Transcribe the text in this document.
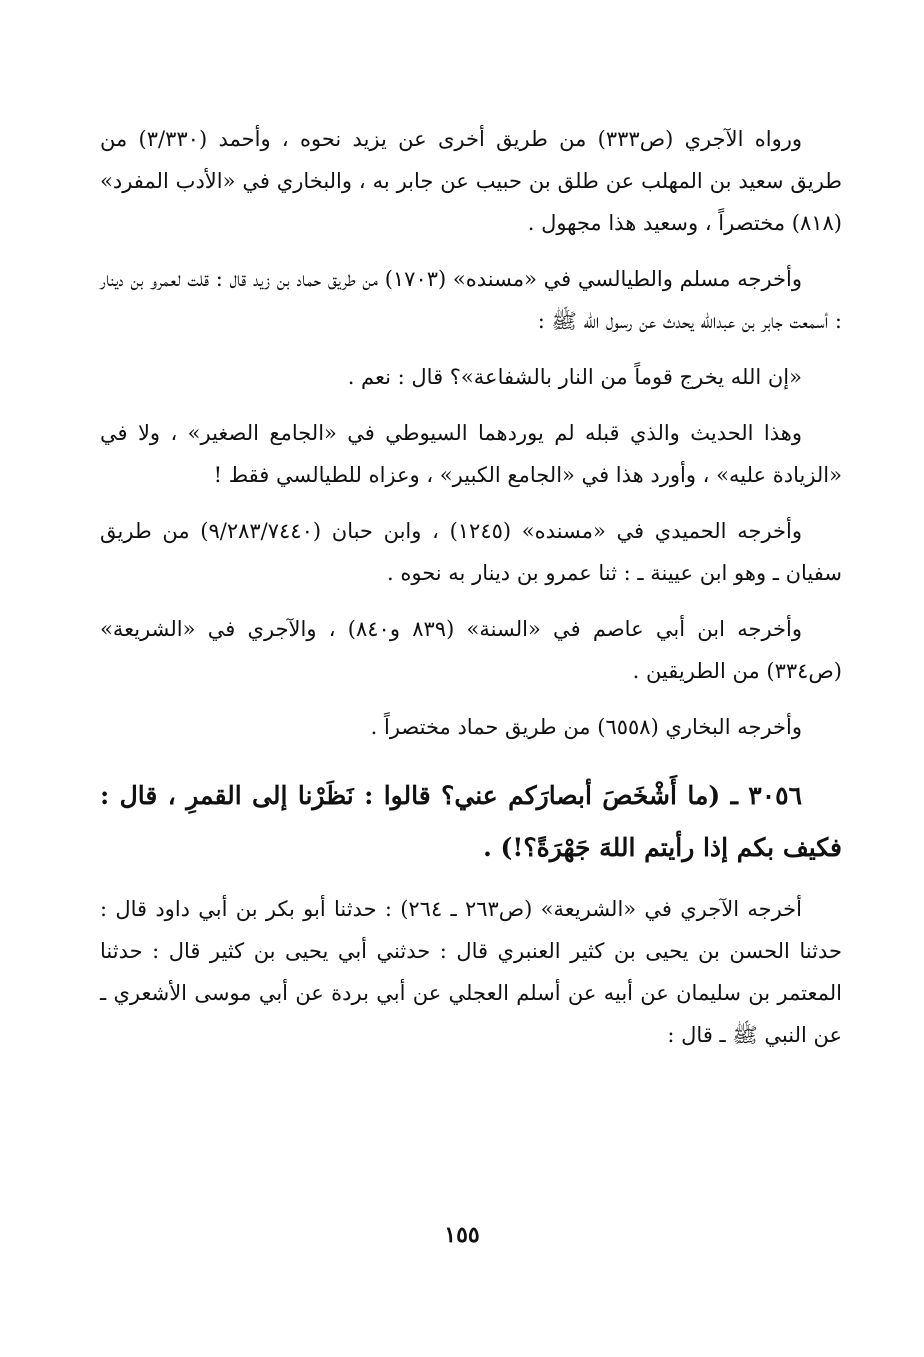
ورواه الآجري (ص٣٣٣) من طريق أخرى عن يزيد نحوه ، وأحمد (٣/٣٣٠) من طريق سعيد بن المهلب عن طلق بن حبيب عن جابر به ، والبخاري في «الأدب المفرد» (٨١٨) مختصراً ، وسعيد هذا مجهول .

وأخرجه مسلم والطيالسي في «مسنده» (١٧٠٣) من طريق حماد بن زيد قال : قلت لعمرو بن دينار : أسمعت جابر بن عبدالله يحدث عن رسول الله ﷺ :

«إن الله يخرج قوماً من النار بالشفاعة»؟ قال : نعم .

وهذا الحديث والذي قبله لم يوردهما السيوطي في «الجامع الصغير» ، ولا في «الزيادة عليه» ، وأورد هذا في «الجامع الكبير» ، وعزاه للطيالسي فقط !

وأخرجه الحميدي في «مسنده» (١٢٤٥) ، وابن حبان (٩/٢٨٣/٧٤٤٠) من طريق سفيان ـ وهو ابن عيينة ـ : ثنا عمرو بن دينار به نحوه .

وأخرجه ابن أبي عاصم في «السنة» (٨٣٩ و٨٤٠) ، والآجري في «الشريعة» (ص٣٣٤) من الطريقين .

وأخرجه البخاري (٦٥٥٨) من طريق حماد مختصراً .

٣٠٥٦ ـ (ما أَشْخَصَ أبصارَكم عني؟ قالوا : نَظَرْنا إلى القمرِ ، قال : فكيف بكم إذا رأيتم اللهَ جَهْرَةً؟!) .

أخرجه الآجري في «الشريعة» (ص٢٦٣ ـ ٢٦٤) : حدثنا أبو بكر بن أبي داود قال : حدثنا الحسن بن يحيى بن كثير العنبري قال : حدثني أبي يحيى بن كثير قال : حدثنا المعتمر بن سليمان عن أبيه عن أسلم العجلي عن أبي بردة عن أبي موسى الأشعري ـ عن النبي ﷺ ـ قال :

١٥٥
